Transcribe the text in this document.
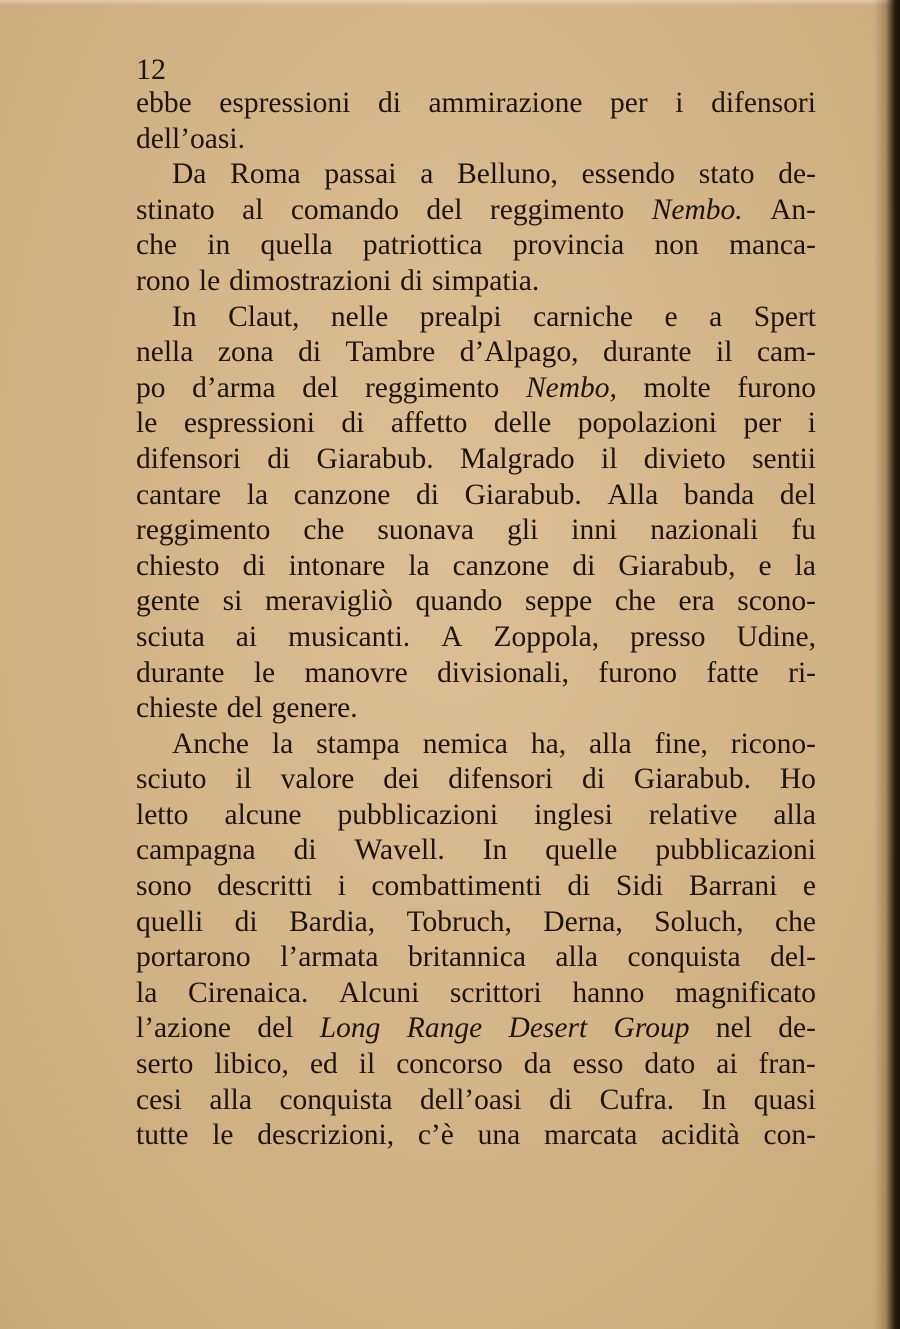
12
ebbe espressioni di ammirazione per i difensori
dell’oasi.
Da Roma passai a Belluno, essendo stato de-
stinato al comando del reggimento Nembo. An-
che in quella patriottica provincia non manca-
rono le dimostrazioni di simpatia.
In Claut, nelle prealpi carniche e a Spert
nella zona di Tambre d’Alpago, durante il cam-
po d’arma del reggimento Nembo, molte furono
le espressioni di affetto delle popolazioni per i
difensori di Giarabub. Malgrado il divieto sentii
cantare la canzone di Giarabub. Alla banda del
reggimento che suonava gli inni nazionali fu
chiesto di intonare la canzone di Giarabub, e la
gente si meravigliò quando seppe che era scono-
sciuta ai musicanti. A Zoppola, presso Udine,
durante le manovre divisionali, furono fatte ri-
chieste del genere.
Anche la stampa nemica ha, alla fine, ricono-
sciuto il valore dei difensori di Giarabub. Ho
letto alcune pubblicazioni inglesi relative alla
campagna di Wavell. In quelle pubblicazioni
sono descritti i combattimenti di Sidi Barrani e
quelli di Bardia, Tobruch, Derna, Soluch, che
portarono l’armata britannica alla conquista del-
la Cirenaica. Alcuni scrittori hanno magnificato
l’azione del Long Range Desert Group nel de-
serto libico, ed il concorso da esso dato ai fran-
cesi alla conquista dell’oasi di Cufra. In quasi
tutte le descrizioni, c’è una marcata acidità con-
